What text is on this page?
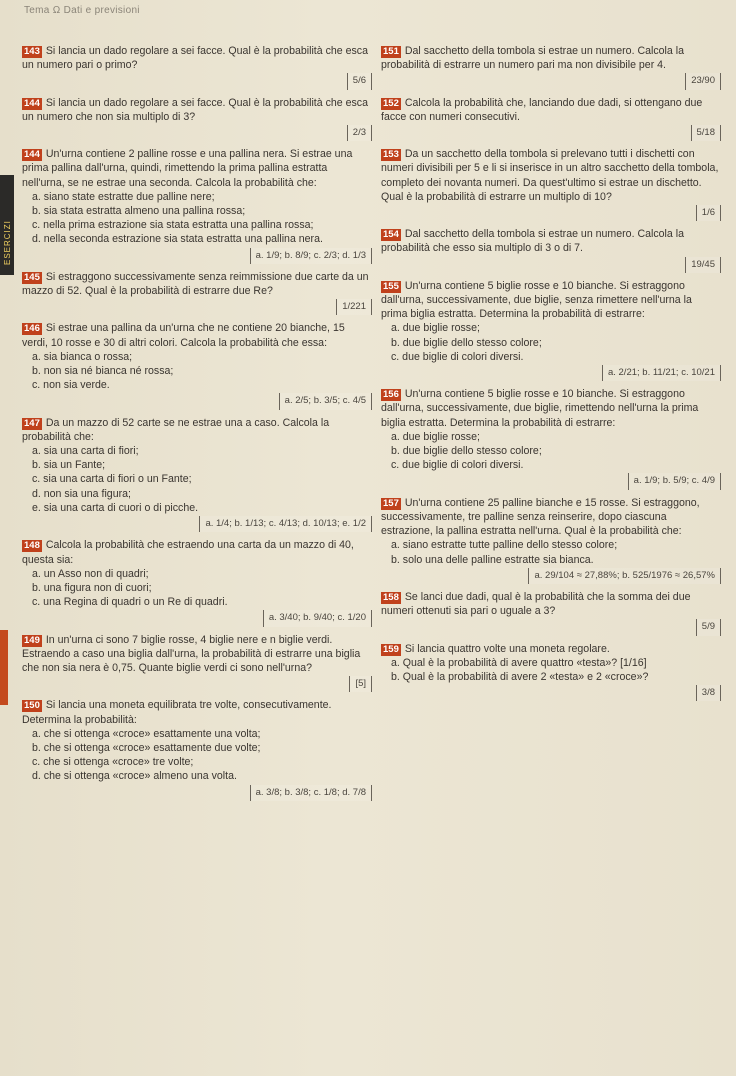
Tema Ω Dati e previsioni
ESERCIZI
143 Si lancia un dado regolare a sei facce. Qual è la probabilità che esca un numero pari o primo?
5/6
144 Si lancia un dado regolare a sei facce. Qual è la probabilità che esca un numero che non sia multiplo di 3?
2/3
144 Un'urna contiene 2 palline rosse e una pallina nera. Si estrae una prima pallina dall'urna, quindi, rimettendo la prima pallina estratta nell'urna, se ne estrae una seconda. Calcola la probabilità che:
a. siano state estratte due palline nere;
b. sia stata estratta almeno una pallina rossa;
c. nella prima estrazione sia stata estratta una pallina rossa;
d. nella seconda estrazione sia stata estratta una pallina nera.
a. 1/9; b. 8/9; c. 2/3; d. 1/3
145 Si estraggono successivamente senza reimmissione due carte da un mazzo di 52. Qual è la probabilità di estrarre due Re?
1/221
146 Si estrae una pallina da un'urna che ne contiene 20 bianche, 15 verdi, 10 rosse e 30 di altri colori. Calcola la probabilità che essa:
a. sia bianca o rossa;
b. non sia né bianca né rossa;
c. non sia verde.
a. 2/5; b. 3/5; c. 4/5
147 Da un mazzo di 52 carte se ne estrae una a caso. Calcola la probabilità che:
a. sia una carta di fiori;
b. sia un Fante;
c. sia una carta di fiori o un Fante;
d. non sia una figura;
e. sia una carta di cuori o di picche.
a. 1/4; b. 1/13; c. 4/13; d. 10/13; e. 1/2
148 Calcola la probabilità che estraendo una carta da un mazzo di 40, questa sia:
a. un Asso non di quadri;
b. una figura non di cuori;
c. una Regina di quadri o un Re di quadri.
a. 3/40; b. 9/40; c. 1/20
149 In un'urna ci sono 7 biglie rosse, 4 biglie nere e n biglie verdi. Estraendo a caso una biglia dall'urna, la probabilità di estrarre una biglia che non sia nera è 0,75. Quante biglie verdi ci sono nell'urna?
[5]
150 Si lancia una moneta equilibrata tre volte, consecutivamente. Determina la probabilità:
a. che si ottenga «croce» esattamente una volta;
b. che si ottenga «croce» esattamente due volte;
c. che si ottenga «croce» tre volte;
d. che si ottenga «croce» almeno una volta.
a. 3/8; b. 3/8; c. 1/8; d. 7/8
151 Dal sacchetto della tombola si estrae un numero. Calcola la probabilità di estrarre un numero pari ma non divisibile per 4.
23/90
152 Calcola la probabilità che, lanciando due dadi, si ottengano due facce con numeri consecutivi.
5/18
153 Da un sacchetto della tombola si prelevano tutti i dischetti con numeri divisibili per 5 e li si inserisce in un altro sacchetto della tombola, completo dei novanta numeri. Da quest'ultimo si estrae un dischetto. Qual è la probabilità di estrarre un multiplo di 10?
1/6
154 Dal sacchetto della tombola si estrae un numero. Calcola la probabilità che esso sia multiplo di 3 o di 7.
19/45
155 Un'urna contiene 5 biglie rosse e 10 bianche. Si estraggono dall'urna, successivamente, due biglie, senza rimettere nell'urna la prima biglia estratta. Determina la probabilità di estrarre:
a. due biglie rosse;
b. due biglie dello stesso colore;
c. due biglie di colori diversi.
a. 2/21; b. 11/21; c. 10/21
156 Un'urna contiene 5 biglie rosse e 10 bianche. Si estraggono dall'urna, successivamente, due biglie, rimettendo nell'urna la prima biglia estratta. Determina la probabilità di estrarre:
a. due biglie rosse;
b. due biglie dello stesso colore;
c. due biglie di colori diversi.
a. 1/9; b. 5/9; c. 4/9
157 Un'urna contiene 25 palline bianche e 15 rosse. Si estraggono, successivamente, tre palline senza reinserire, dopo ciascuna estrazione, la pallina estratta nell'urna. Qual è la probabilità che:
a. siano estratte tutte palline dello stesso colore;
b. solo una delle palline estratte sia bianca.
a. 29/104 ≈ 27,88%; b. 525/1976 ≈ 26,57%
158 Se lanci due dadi, qual è la probabilità che la somma dei due numeri ottenuti sia pari o uguale a 3?
5/9
159 Si lancia quattro volte una moneta regolare.
a. Qual è la probabilità di avere quattro «testa»? [1/16]
b. Qual è la probabilità di avere 2 «testa» e 2 «croce»?
3/8
